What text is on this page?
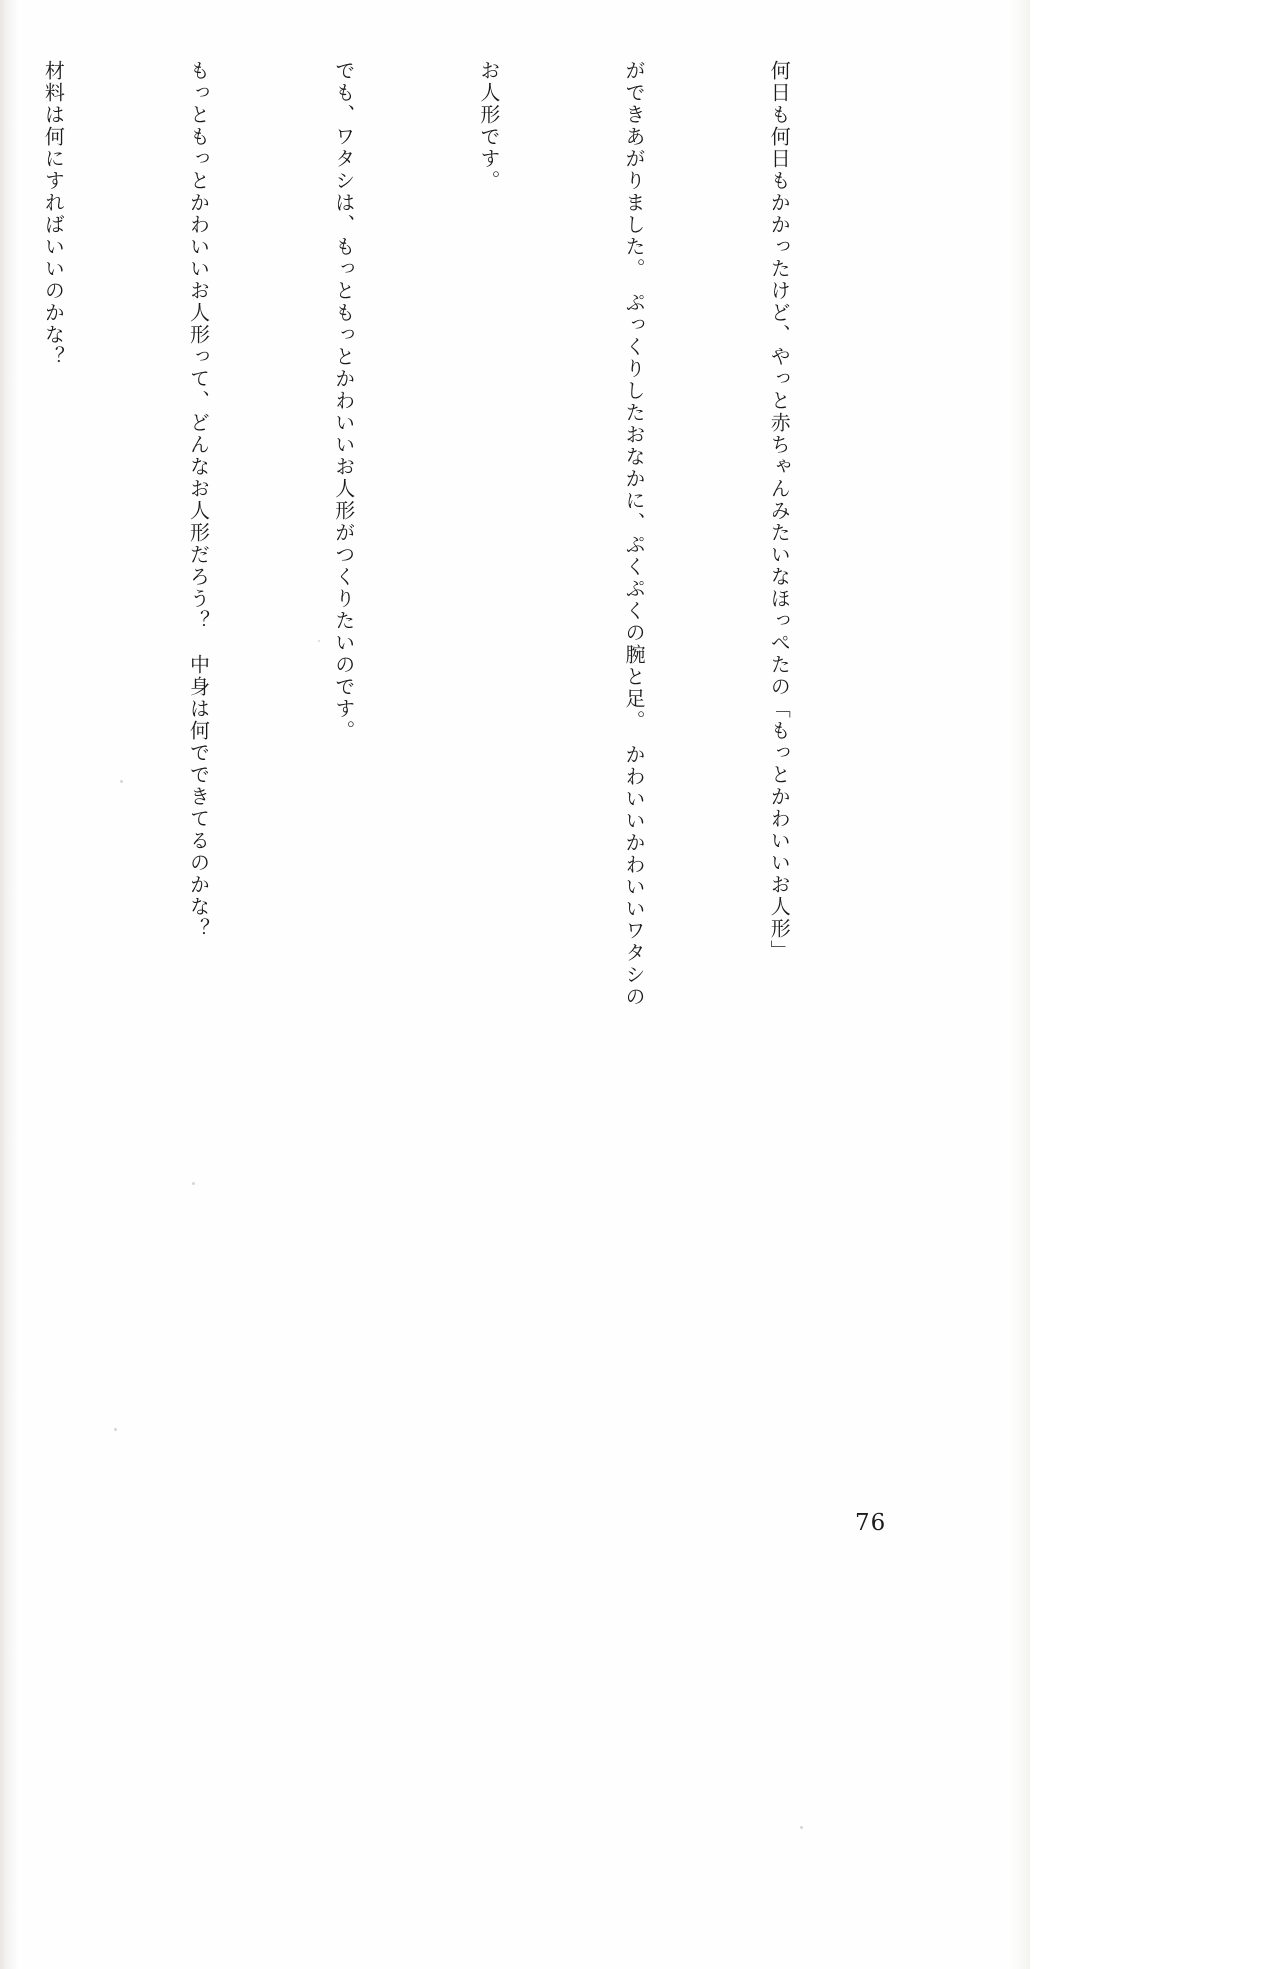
何日も何日もかかったけど、やっと赤ちゃんみたいなほっぺたの「もっとかわいいお人形」

ができあがりました。　ぷっくりしたおなかに、ぷくぷくの腕と足。　かわいいかわいいワタシの

お人形です。

でも、ワタシは、もっともっとかわいいお人形がつくりたいのです。

もっともっとかわいいお人形って、どんなお人形だろう？　中身は何でできてるのかな？

材料は何にすればいいのかな？

76
